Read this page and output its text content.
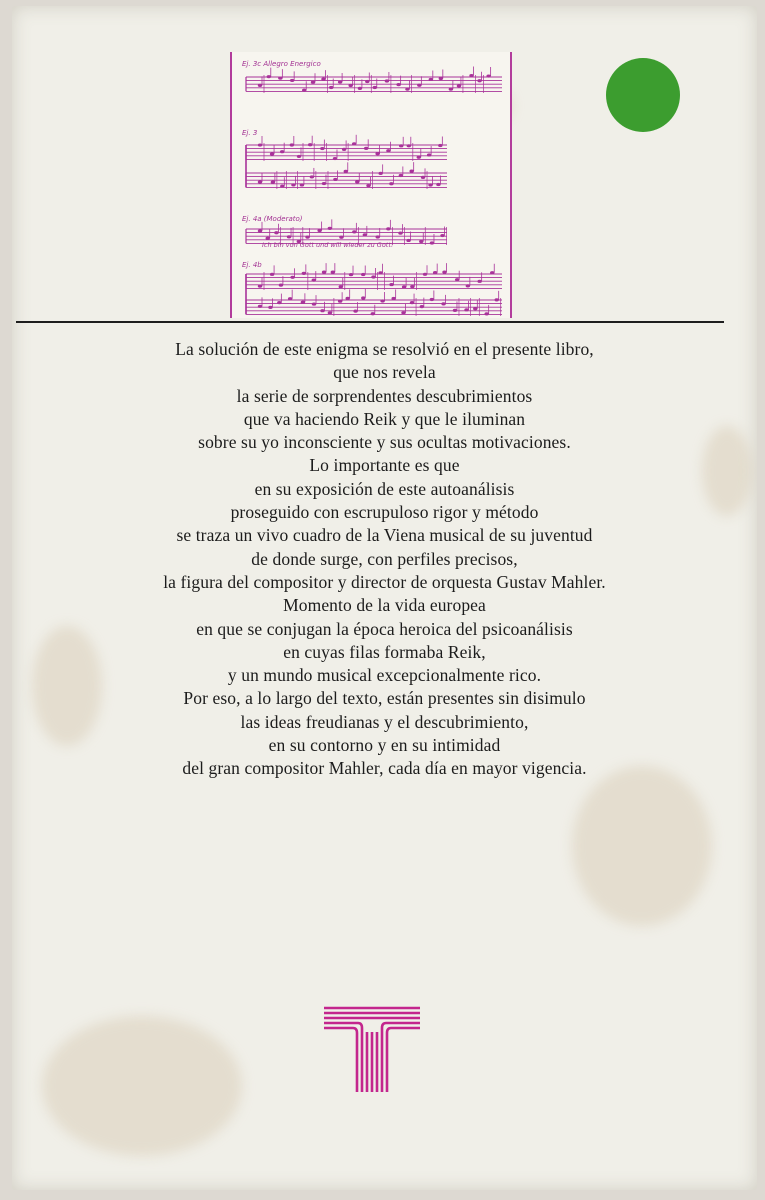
Ej. 3c Allegro Energico
Ej. 3
Ej. 4a (Moderato)
Ich bin von Gott und will wieder zu Gott!
Ej. 4b
La solución de este enigma se resolvió en el presente libro,
que nos revela
la serie de sorprendentes descubrimientos
que va haciendo Reik y que le iluminan
sobre su yo inconsciente y sus ocultas motivaciones.
Lo importante es que
en su exposición de este autoanálisis
proseguido con escrupuloso rigor y método
se traza un vivo cuadro de la Viena musical de su juventud
de donde surge, con perfiles precisos,
la figura del compositor y director de orquesta Gustav Mahler.
Momento de la vida europea
en que se conjugan la época heroica del psicoanálisis
en cuyas filas formaba Reik,
y un mundo musical excepcionalmente rico.
Por eso, a lo largo del texto, están presentes sin disimulo
las ideas freudianas y el descubrimiento,
en su contorno y en su intimidad
del gran compositor Mahler, cada día en mayor vigencia.
